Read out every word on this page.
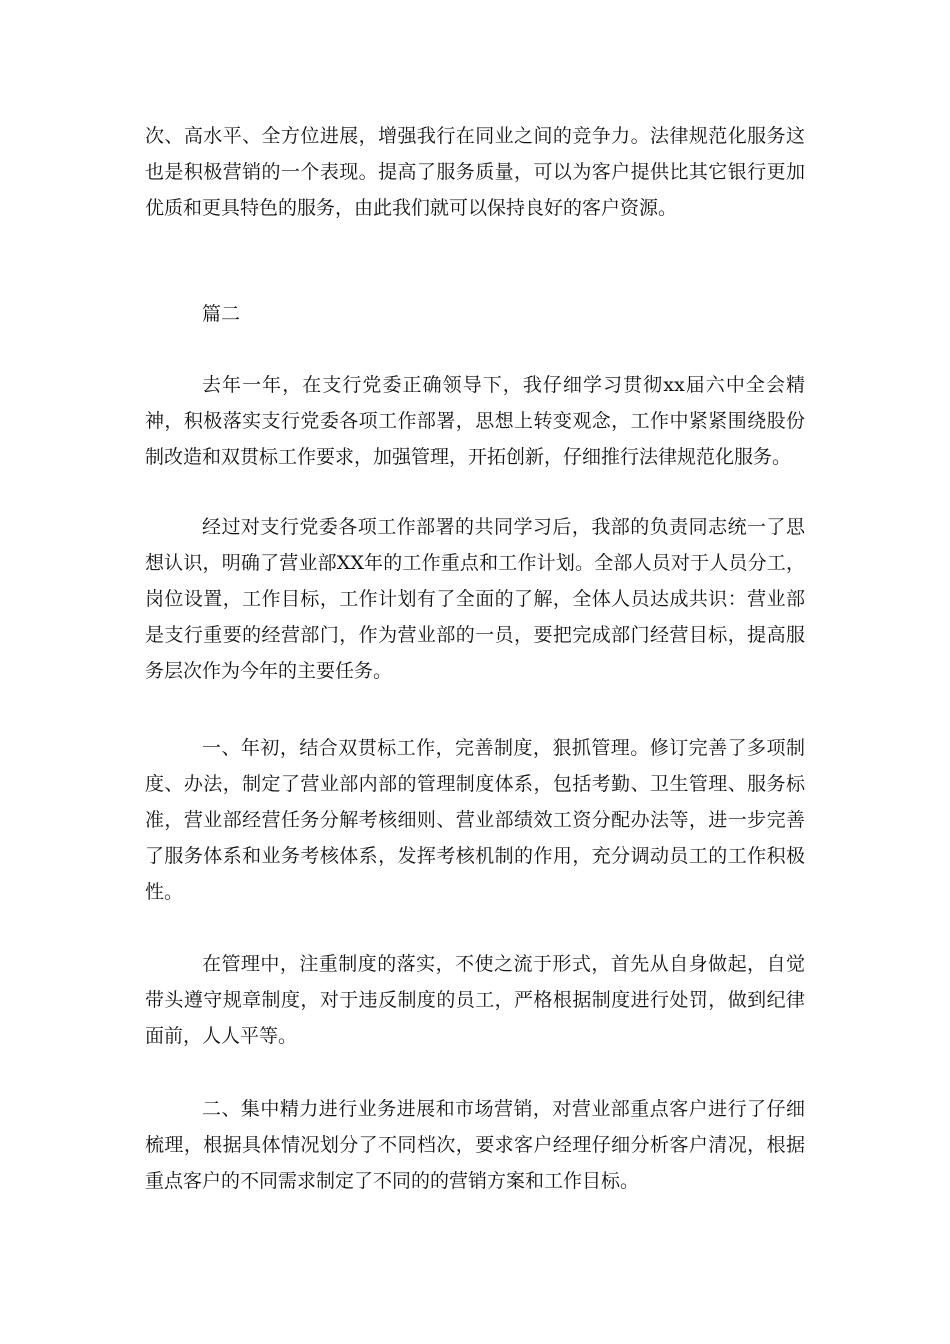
次、高水平、全方位进展，增强我行在同业之间的竞争力。法律规范化服务这也是积极营销的一个表现。提高了服务质量，可以为客户提供比其它银行更加优质和更具特色的服务，由此我们就可以保持良好的客户资源。

篇二

去年一年，在支行党委正确领导下，我仔细学习贯彻xx届六中全会精神，积极落实支行党委各项工作部署，思想上转变观念，工作中紧紧围绕股份制改造和双贯标工作要求，加强管理，开拓创新，仔细推行法律规范化服务。

经过对支行党委各项工作部署的共同学习后，我部的负责同志统一了思想认识，明确了营业部XX年的工作重点和工作计划。全部人员对于人员分工，岗位设置，工作目标，工作计划有了全面的了解，全体人员达成共识：营业部是支行重要的经营部门，作为营业部的一员，要把完成部门经营目标，提高服务层次作为今年的主要任务。

一、年初，结合双贯标工作，完善制度，狠抓管理。修订完善了多项制度、办法，制定了营业部内部的管理制度体系，包括考勤、卫生管理、服务标准，营业部经营任务分解考核细则、营业部绩效工资分配办法等，进一步完善了服务体系和业务考核体系，发挥考核机制的作用，充分调动员工的工作积极性。

在管理中，注重制度的落实，不使之流于形式，首先从自身做起，自觉带头遵守规章制度，对于违反制度的员工，严格根据制度进行处罚，做到纪律面前，人人平等。

二、集中精力进行业务进展和市场营销，对营业部重点客户进行了仔细梳理，根据具体情况划分了不同档次，要求客户经理仔细分析客户清况，根据重点客户的不同需求制定了不同的的营销方案和工作目标。
